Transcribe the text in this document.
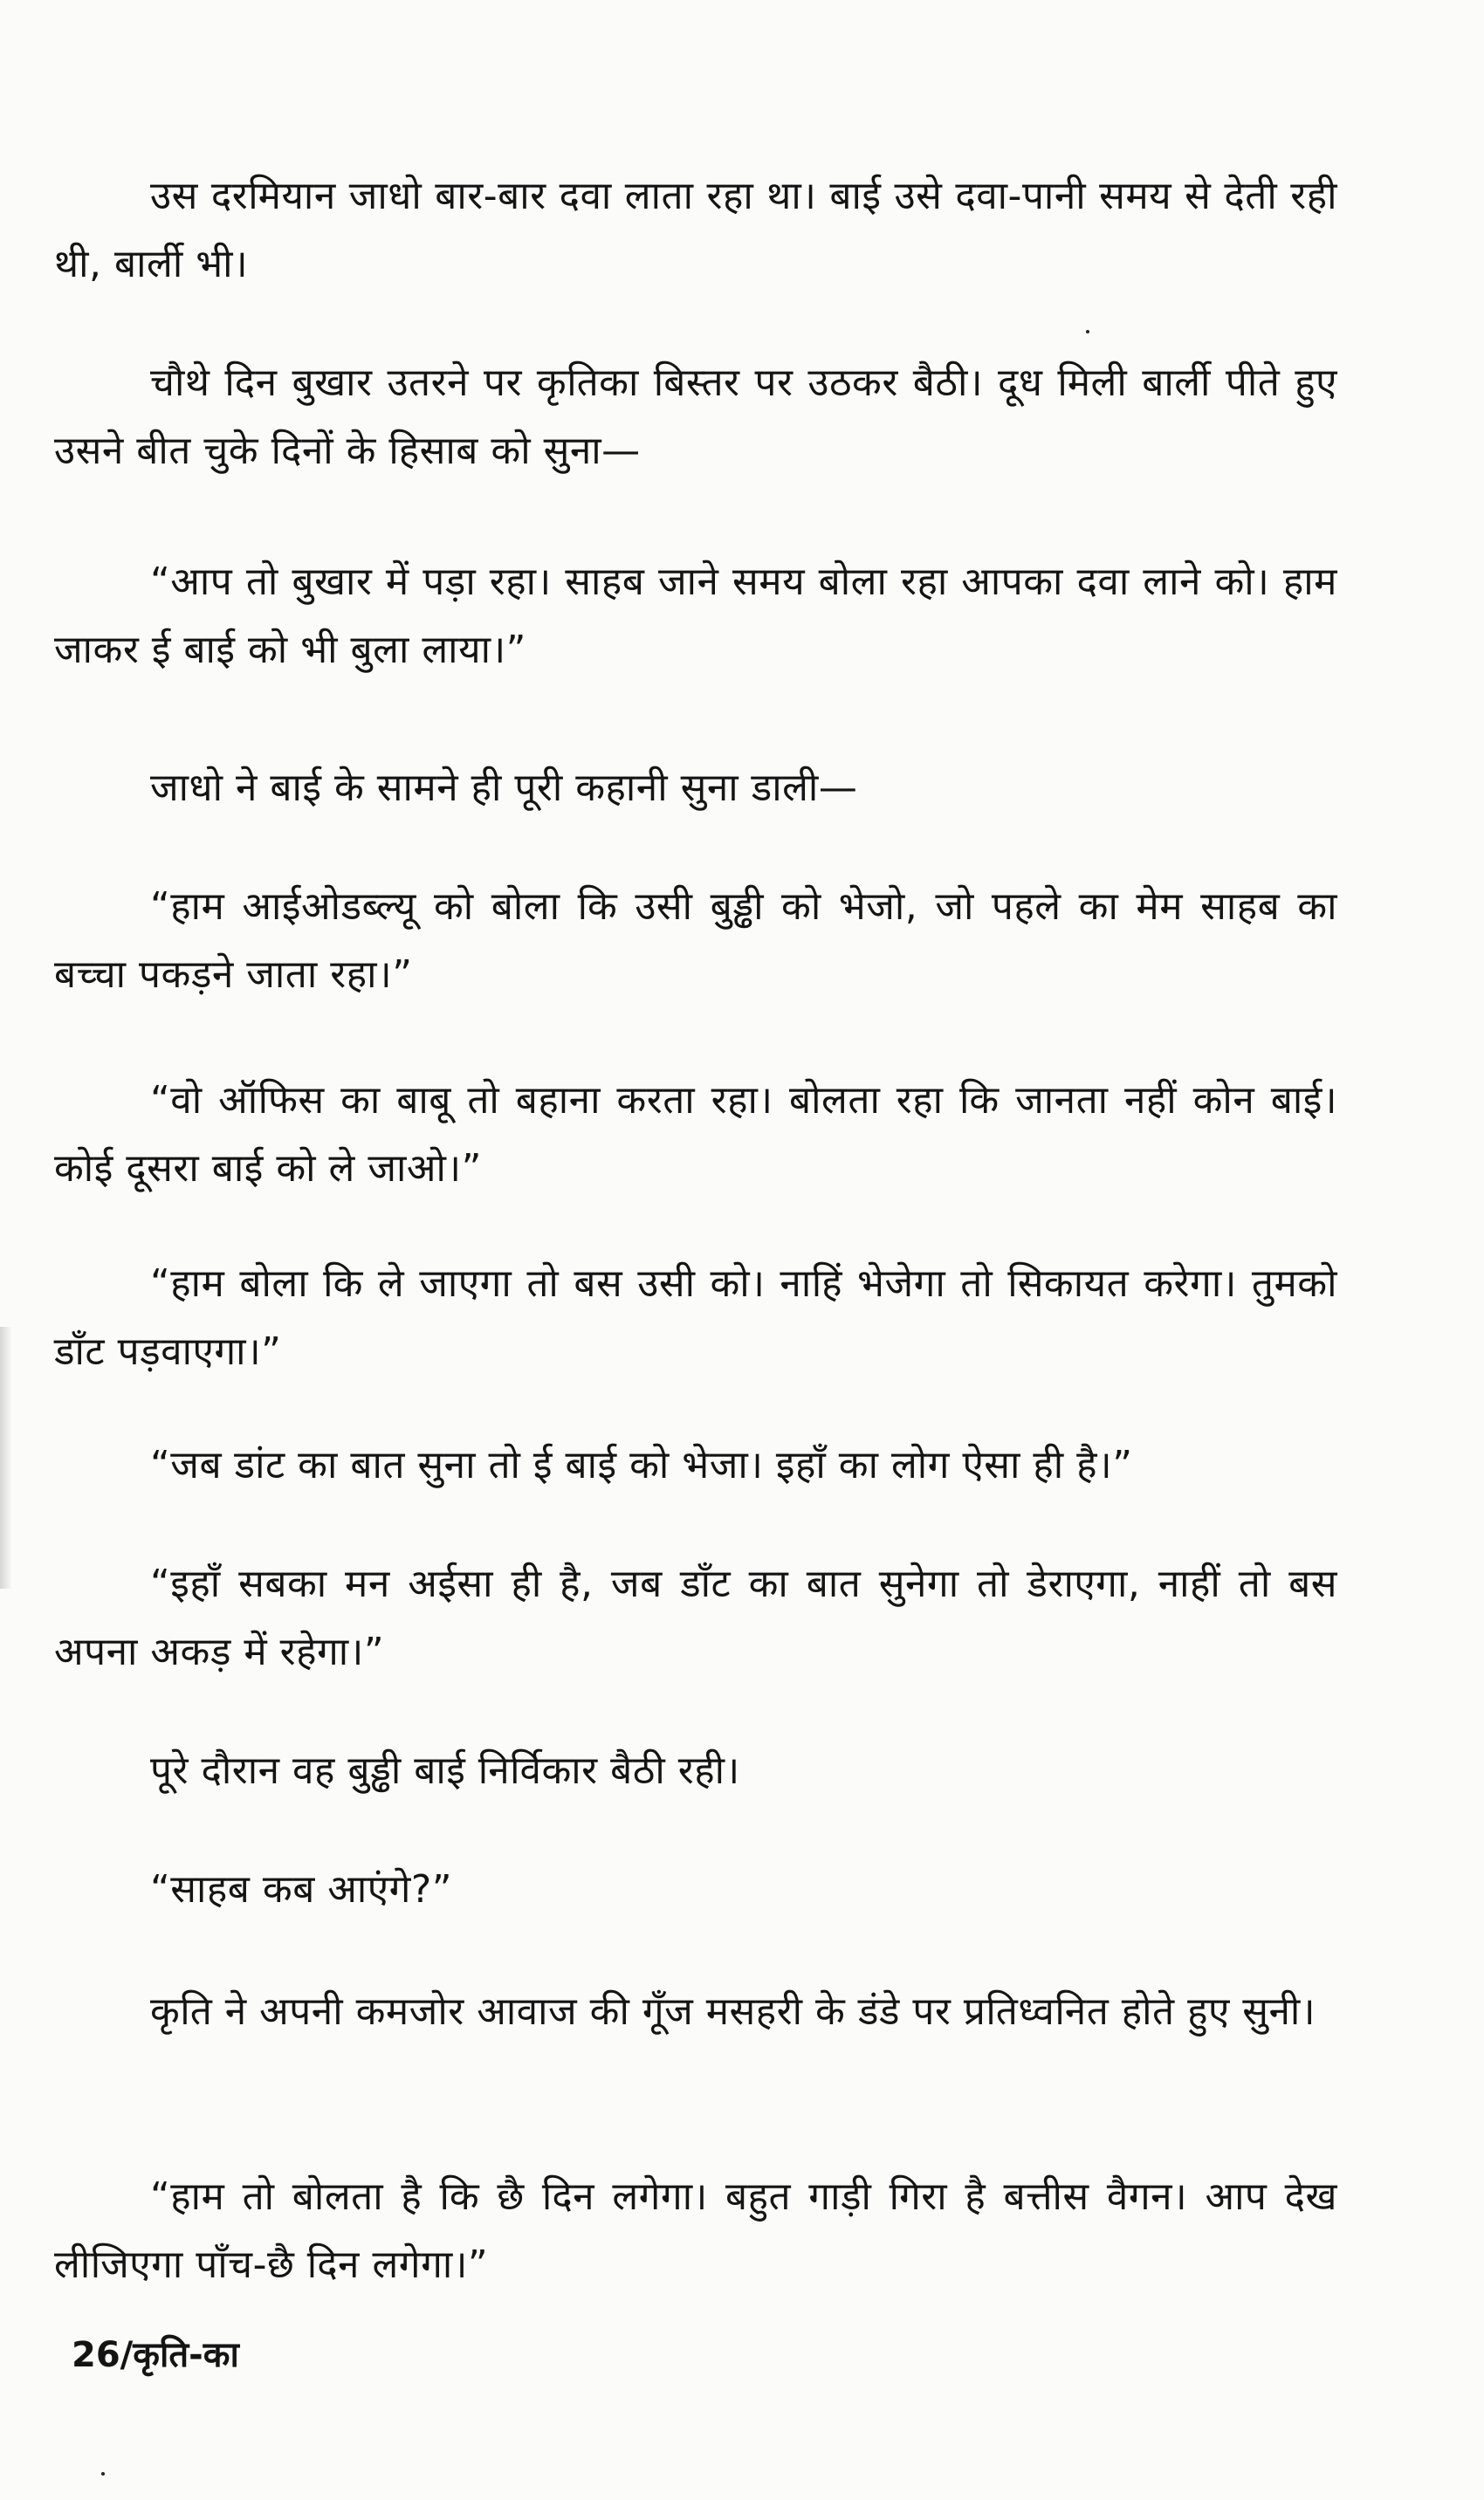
उस दरमियान जाधो बार-बार दवा लाता रहा था। बाई उसे दवा-पानी समय से देती रही थी, बार्ली भी।

चौथे दिन बुखार उतरने पर कृतिका बिस्तर पर उठकर बैठी। दूध मिली बार्ली पीते हुए उसने बीत चुके दिनों के हिसाब को सुना—

“आप तो बुखार में पड़ा रहा। साहब जाने समय बोला रहा आपका दवा लाने को। हाम जाकर ई बाई को भी बुला लाया।”

जाधो ने बाई के सामने ही पूरी कहानी सुना डाली—

“हाम आईओडब्ल्यू को बोला कि उसी बुड्ढी को भेजो, जो पहले का मेम साहब का बच्चा पकड़ने जाता रहा।”

“वो ऑफिस का बाबू तो बहाना करता रहा। बोलता रहा कि जानता नहीं कोन बाई। कोई दूसरा बाई को ले जाओ।”

“हाम बोला कि ले जाएगा तो बस उसी को। नाहिं भेजेगा तो सिकायत करेगा। तुमको डाँट पड़वाएगा।”

“जब डांट का बात सुना तो ई बाई को भेजा। इहाँ का लोग ऐसा ही है।”

“इहाँ सबका मन अईसा ही है, जब डाँट का बात सुनेगा तो डेराएगा, नाहीं तो बस अपना अकड़ में रहेगा।”

पूरे दौरान वह बुड्ढी बाई निर्विकार बैठी रही।

“साहब कब आएंगे?”

कृति ने अपनी कमजोर आवाज की गूँज मसहरी के डंडे पर प्रतिध्वनित होते हुए सुनी।

“हाम तो बोलता है कि छै दिन लगेगा। बहुत गाड़ी गिरा है बत्तीस वैगन। आप देख लीजिएगा पाँच-छै दिन लगेगा।”

26/कृति-का
